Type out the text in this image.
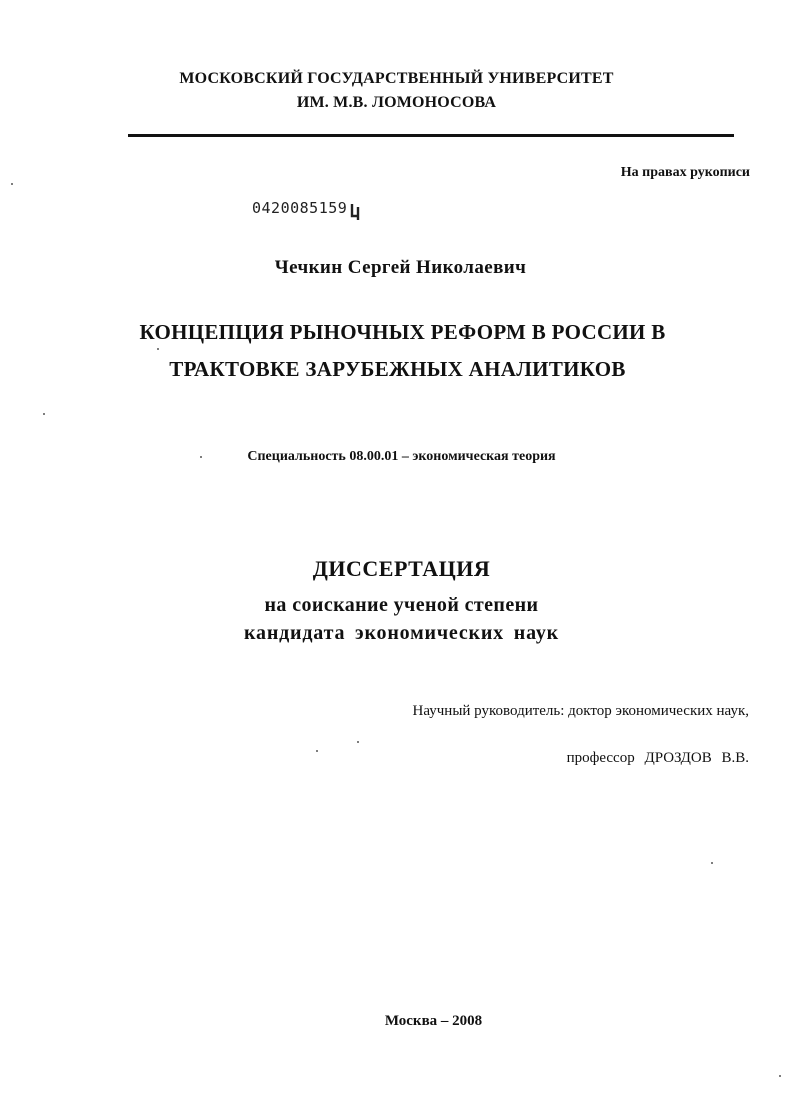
МОСКОВСКИЙ ГОСУДАРСТВЕННЫЙ УНИВЕРСИТЕТ
ИМ. М.В. ЛОМОНОСОВА
На правах рукописи
0420085159
Чечкин Сергей Николаевич
КОНЦЕПЦИЯ РЫНОЧНЫХ РЕФОРМ В РОССИИ В
ТРАКТОВКЕ ЗАРУБЕЖНЫХ АНАЛИТИКОВ
Специальность 08.00.01 – экономическая теория
ДИССЕРТАЦИЯ
на соискание ученой степени
кандидата экономических наук
Научный руководитель: доктор экономических наук,
профессор ДРОЗДОВ В.В.
Москва – 2008
